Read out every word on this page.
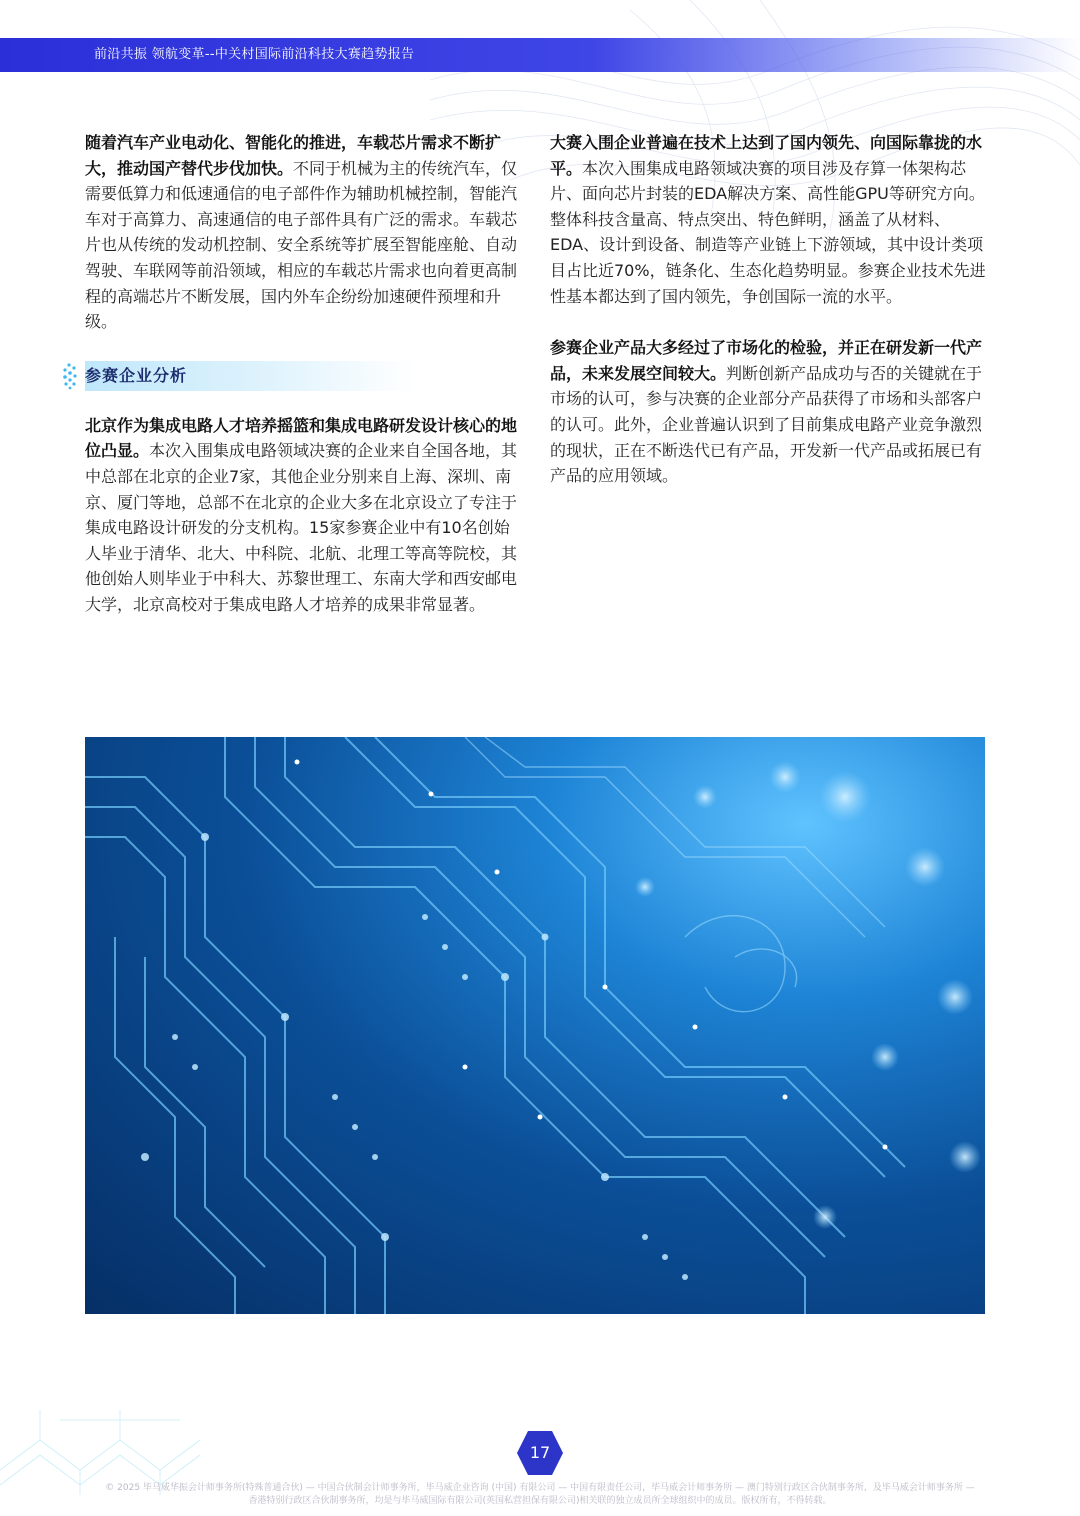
前沿共振 领航变革--中关村国际前沿科技大赛趋势报告

随着汽车产业电动化、智能化的推进，车载芯片需求不断扩大，推动国产替代步伐加快。不同于机械为主的传统汽车，仅需要低算力和低速通信的电子部件作为辅助机械控制，智能汽车对于高算力、高速通信的电子部件具有广泛的需求。车载芯片也从传统的发动机控制、安全系统等扩展至智能座舱、自动驾驶、车联网等前沿领域，相应的车载芯片需求也向着更高制程的高端芯片不断发展，国内外车企纷纷加速硬件预埋和升级。

参赛企业分析

北京作为集成电路人才培养摇篮和集成电路研发设计核心的地位凸显。本次入围集成电路领域决赛的企业来自全国各地，其中总部在北京的企业7家，其他企业分别来自上海、深圳、南京、厦门等地，总部不在北京的企业大多在北京设立了专注于集成电路设计研发的分支机构。15家参赛企业中有10名创始人毕业于清华、北大、中科院、北航、北理工等高等院校，其他创始人则毕业于中科大、苏黎世理工、东南大学和西安邮电大学，北京高校对于集成电路人才培养的成果非常显著。

大赛入围企业普遍在技术上达到了国内领先、向国际靠拢的水平。本次入围集成电路领域决赛的项目涉及存算一体架构芯片、面向芯片封装的EDA解决方案、高性能GPU等研究方向。整体科技含量高、特点突出、特色鲜明，涵盖了从材料、EDA、设计到设备、制造等产业链上下游领域，其中设计类项目占比近70%，链条化、生态化趋势明显。参赛企业技术先进性基本都达到了国内领先，争创国际一流的水平。

参赛企业产品大多经过了市场化的检验，并正在研发新一代产品，未来发展空间较大。判断创新产品成功与否的关键就在于市场的认可，参与决赛的企业部分产品获得了市场和头部客户的认可。此外，企业普遍认识到了目前集成电路产业竞争激烈的现状，正在不断迭代已有产品，开发新一代产品或拓展已有产品的应用领域。

17
© 2025 毕马威华振会计师事务所(特殊普通合伙) — 中国合伙制会计师事务所，毕马威企业咨询 (中国) 有限公司 — 中国有限责任公司，毕马威会计师事务所 — 澳门特别行政区合伙制事务所，及毕马威会计师事务所 —
香港特别行政区合伙制事务所，均是与毕马威国际有限公司(英国私营担保有限公司)相关联的独立成员所全球组织中的成员。版权所有，不得转载。
